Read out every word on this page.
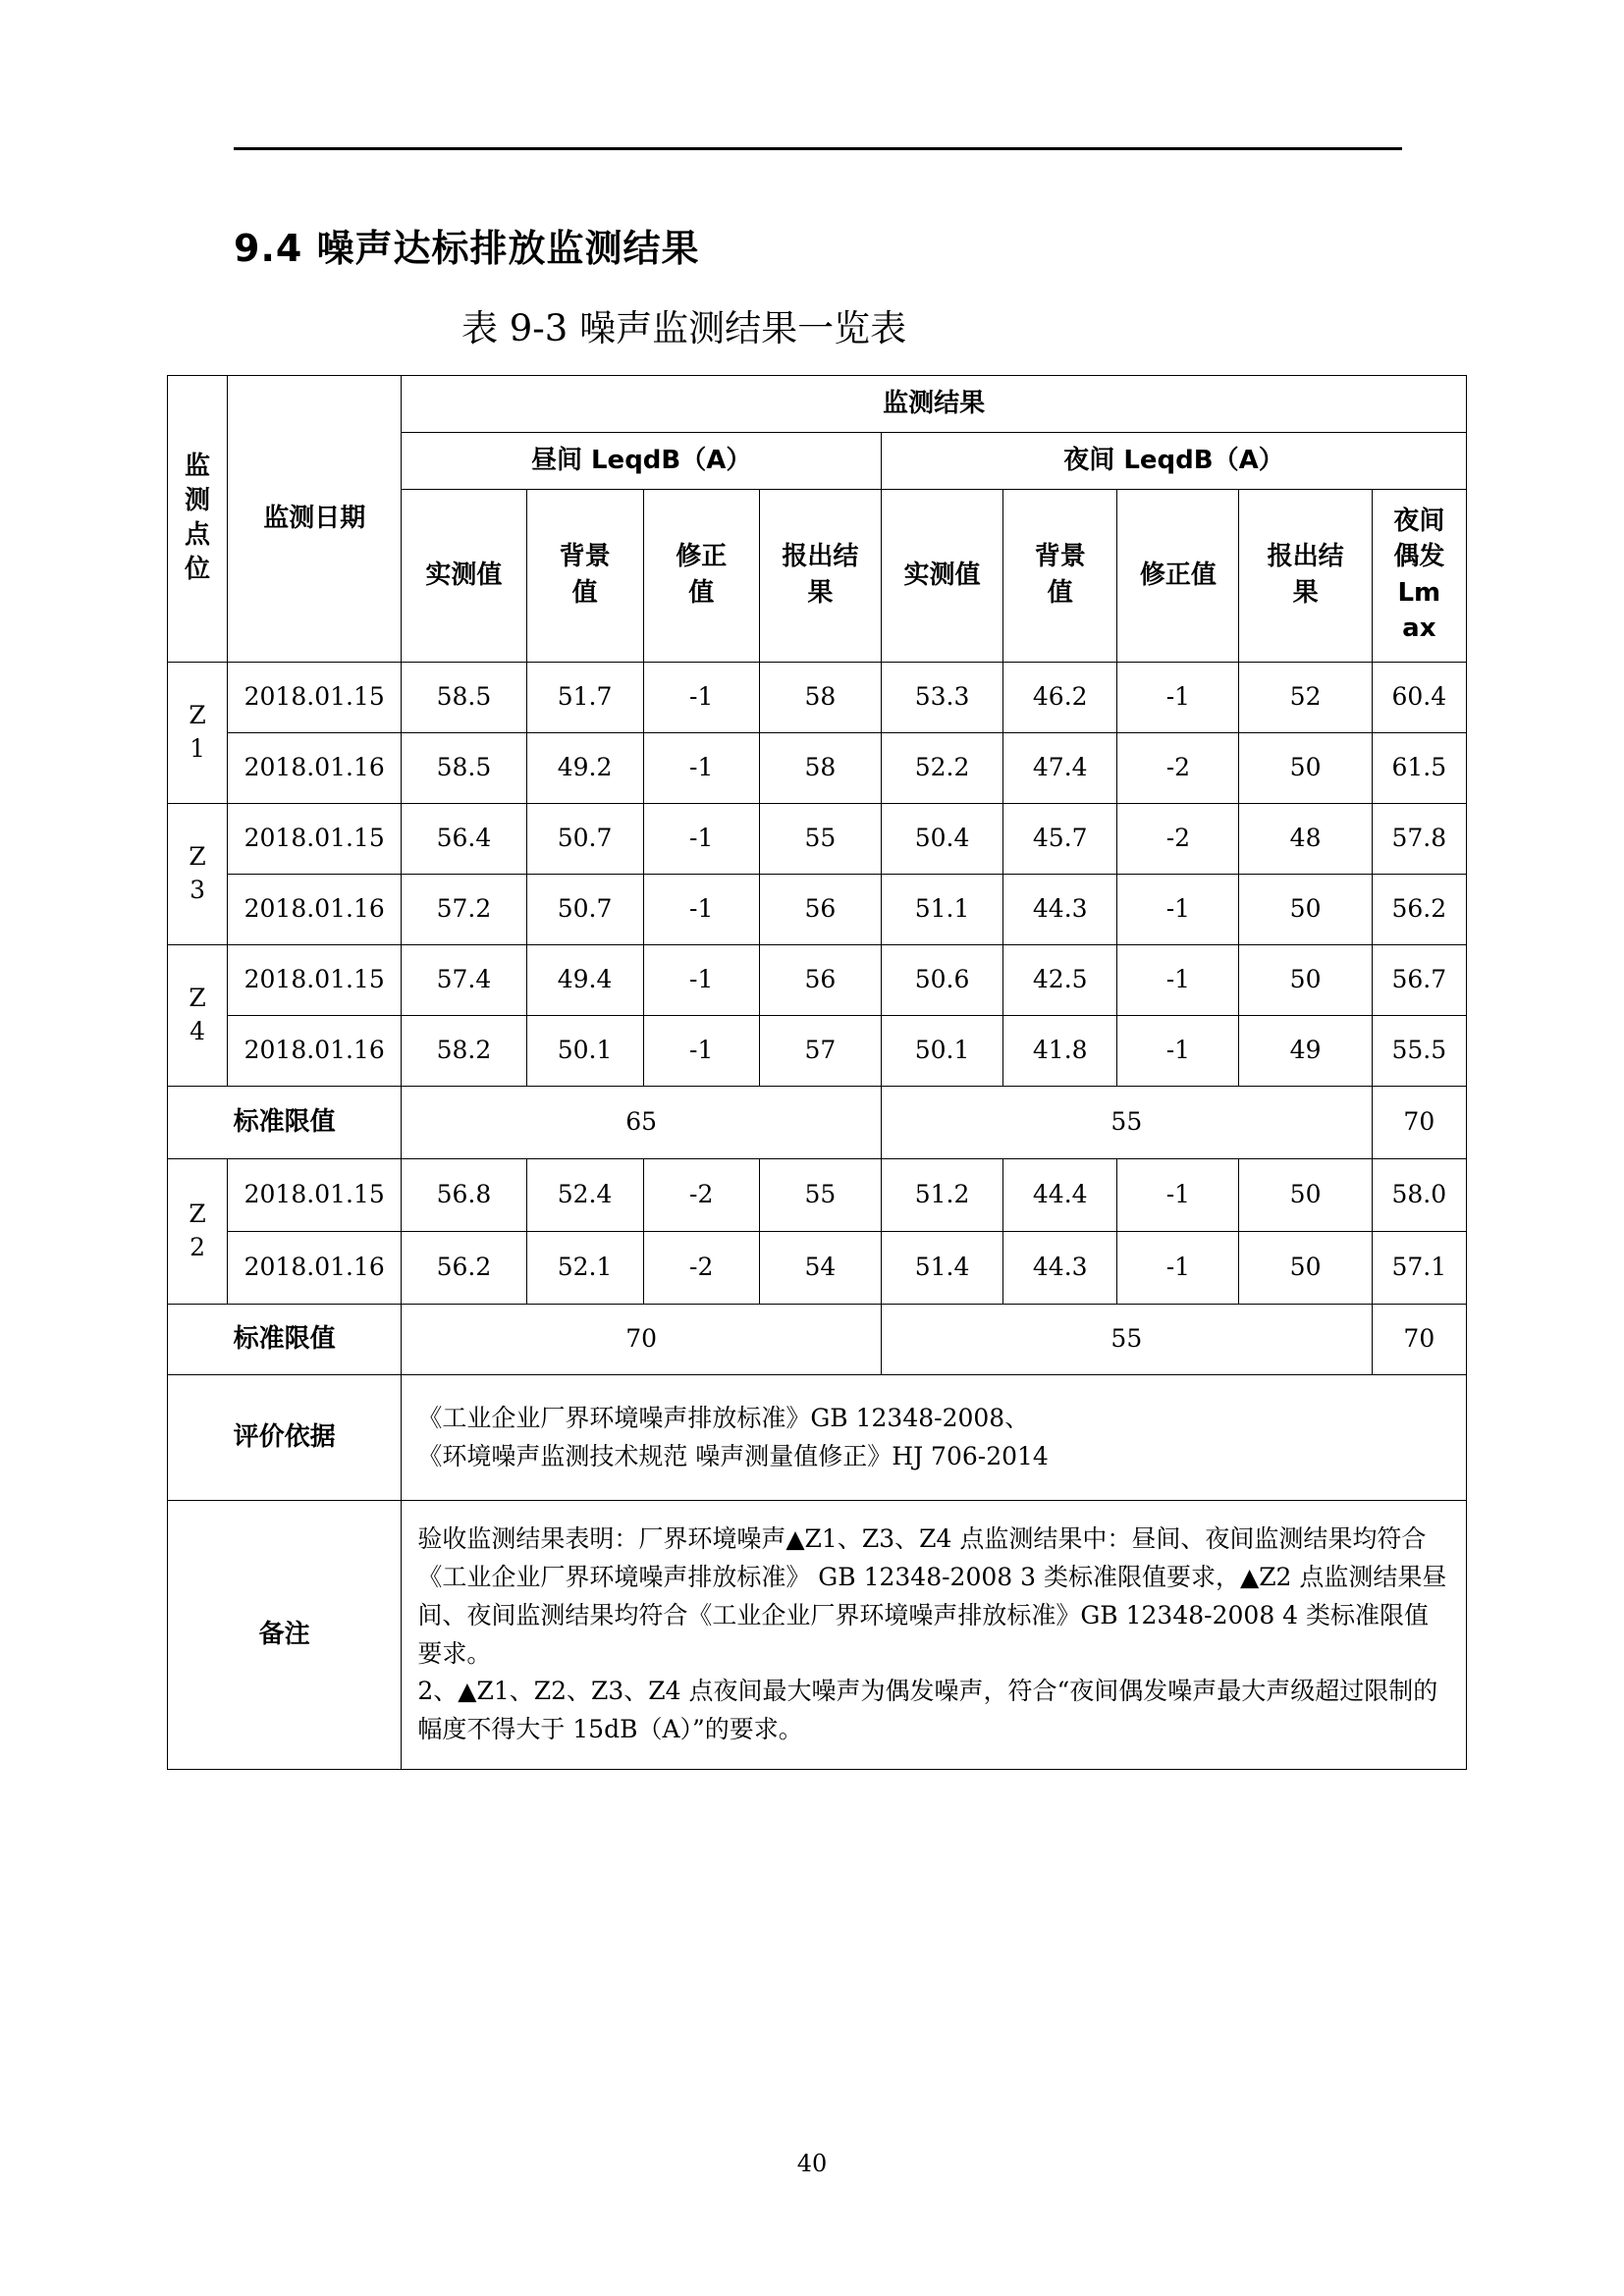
9.4 噪声达标排放监测结果
表 9-3 噪声监测结果一览表
监测点位	监测日期	监测结果								
		昼间 LeqdB（A）				夜间 LeqdB（A）				
		实测值	背景值	修正值	报出结果	实测值	背景值	修正值	报出结果	夜间偶发Lmax
Z1	2018.01.15	58.5	51.7	-1	58	53.3	46.2	-1	52	60.4
	2018.01.16	58.5	49.2	-1	58	52.2	47.4	-2	50	61.5
Z3	2018.01.15	56.4	50.7	-1	55	50.4	45.7	-2	48	57.8
	2018.01.16	57.2	50.7	-1	56	51.1	44.3	-1	50	56.2
Z4	2018.01.15	57.4	49.4	-1	56	50.6	42.5	-1	50	56.7
	2018.01.16	58.2	50.1	-1	57	50.1	41.8	-1	49	55.5
标准限值		65				55				70
Z2	2018.01.15	56.8	52.4	-2	55	51.2	44.4	-1	50	58.0
	2018.01.16	56.2	52.1	-2	54	51.4	44.3	-1	50	57.1
标准限值		70				55				70
评价依据		《工业企业厂界环境噪声排放标准》GB 12348-2008、
《环境噪声监测技术规范 噪声测量值修正》HJ 706-2014								

备注		验收监测结果表明：厂界环境噪声▲Z1、Z3、Z4 点监测结果中：昼间、夜间监测结果均符合《工业企业厂界环境噪声排放标准》 GB 12348-2008 3 类标准限值要求，▲Z2 点监测结果昼间、夜间监测结果均符合《工业企业厂界环境噪声排放标准》GB 12348-2008 4 类标准限值要求。
2、▲Z1、Z2、Z3、Z4 点夜间最大噪声为偶发噪声，符合“夜间偶发噪声最大声级超过限制的幅度不得大于 15dB（A）”的要求。								
40
